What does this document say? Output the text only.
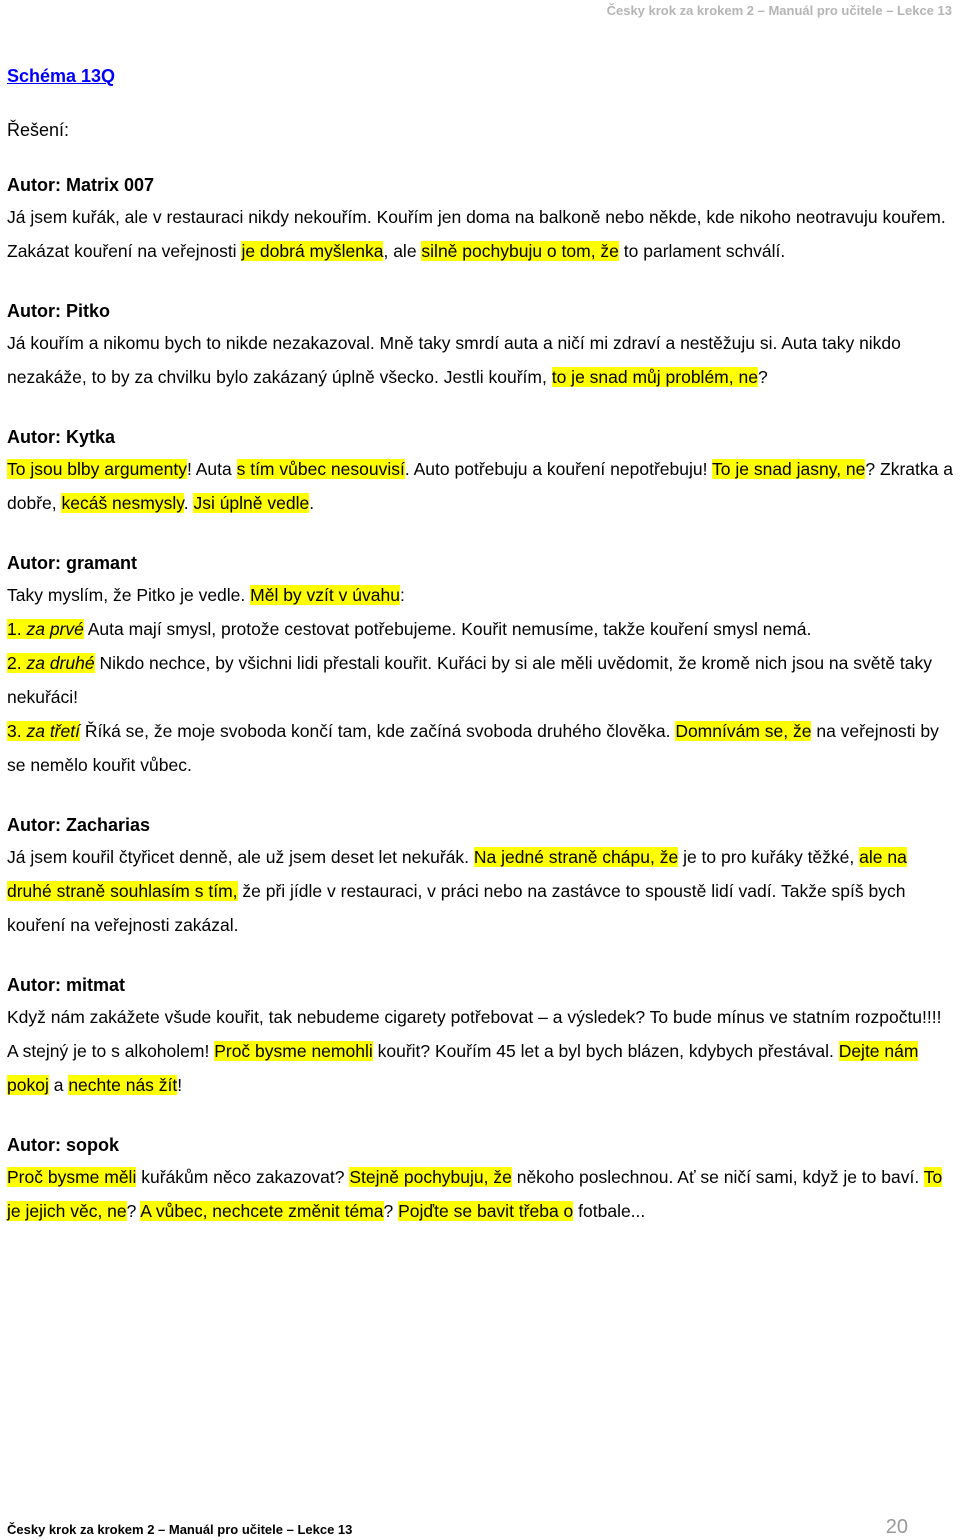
Česky krok za krokem 2 – Manuál pro učitele – Lekce 13
Schéma 13Q
Řešení:

Autor: Matrix 007

Já jsem kuřák, ale v restauraci nikdy nekouřím. Kouřím jen doma na balkoně nebo někde, kde nikoho neotravuju kouřem. Zakázat kouření na veřejnosti je dobrá myšlenka, ale silně pochybuju o tom, že to parlament schválí.

Autor: Pitko

Já kouřím a nikomu bych to nikde nezakazoval. Mně taky smrdí auta a ničí mi zdraví a nestěžuju si. Auta taky nikdo nezakáže, to by za chvilku bylo zakázaný úplně všecko. Jestli kouřím, to je snad můj problém, ne?

Autor: Kytka

To jsou blby argumenty! Auta s tím vůbec nesouvisí. Auto potřebuju a kouření nepotřebuju! To je snad jasny, ne? Zkratka a dobře, kecáš nesmysly. Jsi úplně vedle.

Autor: gramant

Taky myslím, že Pitko je vedle. Měl by vzít v úvahu:

1. za prvé Auta mají smysl, protože cestovat potřebujeme. Kouřit nemusíme, takže kouření smysl nemá.

2. za druhé Nikdo nechce, by všichni lidi přestali kouřit. Kuřáci by si ale měli uvědomit, že kromě nich jsou na světě taky nekuřáci!

3. za třetí Říká se, že moje svoboda končí tam, kde začíná svoboda druhého člověka. Domnívám se, že na veřejnosti by se nemělo kouřit vůbec.

Autor: Zacharias

Já jsem kouřil čtyřicet denně, ale už jsem deset let nekuřák. Na jedné straně chápu, že je to pro kuřáky těžké, ale na druhé straně souhlasím s tím, že při jídle v restauraci, v práci nebo na zastávce to spoustě lidí vadí. Takže spíš bych kouření na veřejnosti zakázal.

Autor: mitmat

Když nám zakážete všude kouřit, tak nebudeme cigarety potřebovat – a výsledek? To bude mínus ve statním rozpočtu!!!! A stejný je to s alkoholem! Proč bysme nemohli kouřit? Kouřím 45 let a byl bych blázen, kdybych přestával. Dejte nám pokoj a nechte nás žít!

Autor: sopok

Proč bysme měli kuřákům něco zakazovat? Stejně pochybuju, že někoho poslechnou. Ať se ničí sami, když je to baví. To je jejich věc, ne? A vůbec, nechcete změnit téma? Pojďte se bavit třeba o fotbale...

Česky krok za krokem 2 – Manuál pro učitele – Lekce 13	20
